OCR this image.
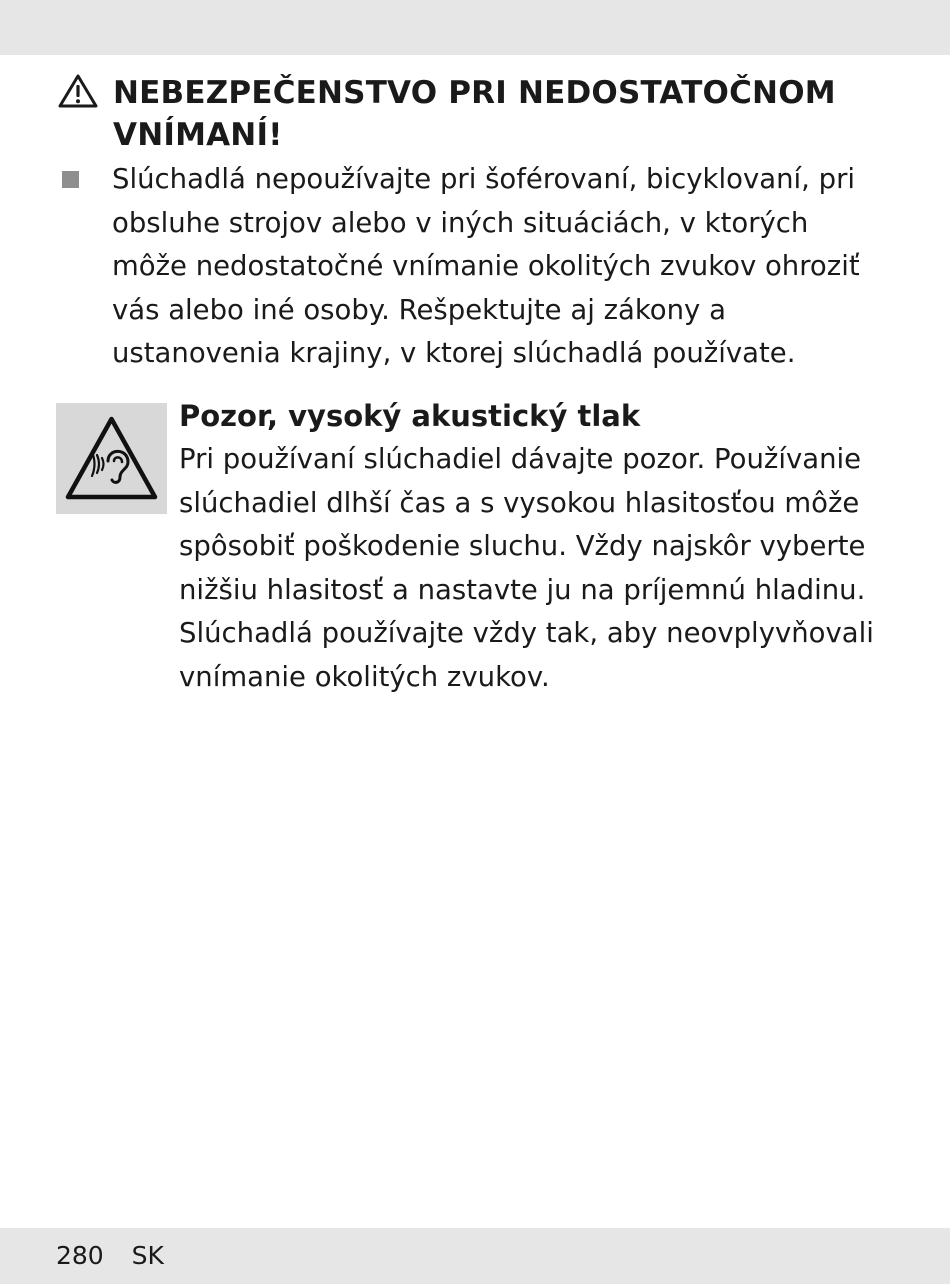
NEBEZPEČENSTVO PRI NEDOSTATOČNOM VNÍMANÍ!
Slúchadlá nepoužívajte pri šoférovaní, bicyklovaní, pri obsluhe strojov alebo v iných situáciách, v ktorých môže nedostatočné vnímanie okolitých zvukov ohroziť vás alebo iné osoby. Rešpektujte aj zákony a ustanovenia krajiny, v ktorej slúchadlá používate.
Pozor, vysoký akustický tlak
Pri používaní slúchadiel dávajte pozor. Používanie slúchadiel dlhší čas a s vysokou hlasitosťou môže spôsobiť poškodenie sluchu. Vždy najskôr vyberte nižšiu hlasitosť a nastavte ju na príjemnú hladinu. Slúchadlá používajte vždy tak, aby neovplyvňovali vnímanie okolitých zvukov.
280 SK
